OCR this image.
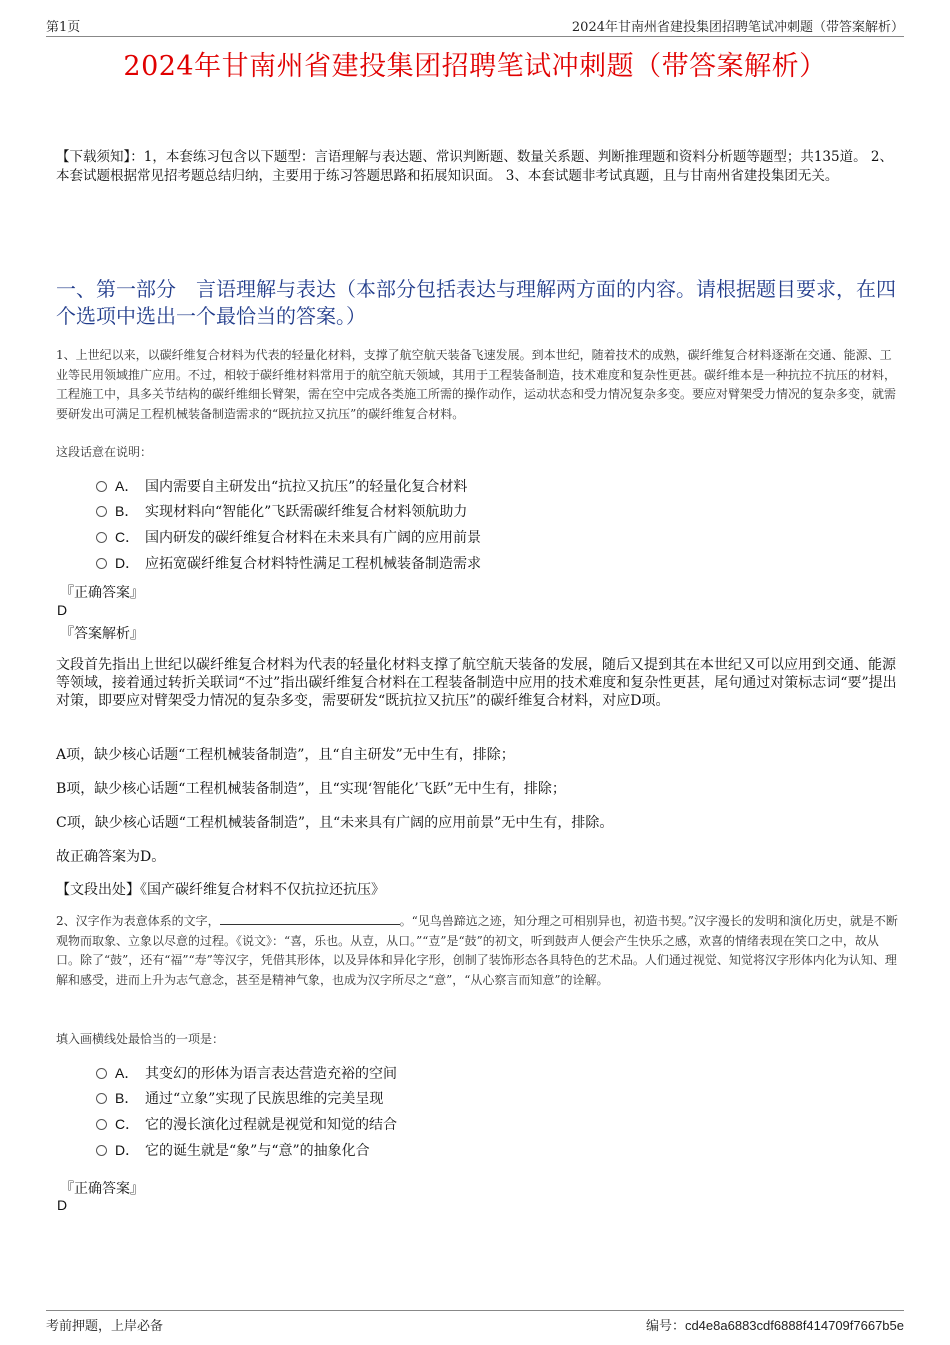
第1页	2024年甘南州省建投集团招聘笔试冲刺题（带答案解析）
2024年甘南州省建投集团招聘笔试冲刺题（带答案解析）
【下载须知】：1，本套练习包含以下题型：言语理解与表达题、常识判断题、数量关系题、判断推理题和资料分析题等题型；共135道。 2、本套试题根据常见招考题总结归纳，主要用于练习答题思路和拓展知识面。 3、本套试题非考试真题，且与甘南州省建投集团无关。
一、第一部分　言语理解与表达（本部分包括表达与理解两方面的内容。请根据题目要求，在四个选项中选出一个最恰当的答案。）
1、上世纪以来，以碳纤维复合材料为代表的轻量化材料，支撑了航空航天装备飞速发展。到本世纪，随着技术的成熟，碳纤维复合材料逐渐在交通、能源、工业等民用领域推广应用。不过，相较于碳纤维材料常用于的航空航天领域，其用于工程装备制造，技术难度和复杂性更甚。碳纤维本是一种抗拉不抗压的材料，工程施工中，具多关节结构的碳纤维细长臂架，需在空中完成各类施工所需的操作动作，运动状态和受力情况复杂多变。要应对臂架受力情况的复杂多变，就需要研发出可满足工程机械装备制造需求的“既抗拉又抗压”的碳纤维复合材料。
这段话意在说明：
A． 国内需要自主研发出“抗拉又抗压”的轻量化复合材料
B． 实现材料向“智能化”飞跃需碳纤维复合材料领航助力
C． 国内研发的碳纤维复合材料在未来具有广阔的应用前景
D． 应拓宽碳纤维复合材料特性满足工程机械装备制造需求
『正确答案』
D
『答案解析』
文段首先指出上世纪以碳纤维复合材料为代表的轻量化材料支撑了航空航天装备的发展，随后又提到其在本世纪又可以应用到交通、能源等领域，接着通过转折关联词“不过”指出碳纤维复合材料在工程装备制造中应用的技术难度和复杂性更甚，尾句通过对策标志词“要”提出对策，即要应对臂架受力情况的复杂多变，需要研发“既抗拉又抗压”的碳纤维复合材料，对应D项。
A项，缺少核心话题“工程机械装备制造”，且“自主研发”无中生有，排除；
B项，缺少核心话题“工程机械装备制造”，且“实现‘智能化’飞跃”无中生有，排除；
C项，缺少核心话题“工程机械装备制造”，且“未来具有广阔的应用前景”无中生有，排除。
故正确答案为D。
【文段出处】《国产碳纤维复合材料不仅抗拉还抗压》
2、汉字作为表意体系的文字，	。“见鸟兽蹄迒之迹，知分理之可相别异也，初造书契。”汉字漫长的发明和演化历史，就是不断观物而取象、立象以尽意的过程。《说文》：“喜，乐也。从壴，从口。”“壴”是“鼓”的初文，听到鼓声人便会产生快乐之感，欢喜的情绪表现在笑口之中，故从口。除了“鼓”，还有“福”“寿”等汉字，凭借其形体，以及异体和异化字形，创制了装饰形态各具特色的艺术品。人们通过视觉、知觉将汉字形体内化为认知、理解和感受，进而上升为志气意念，甚至是精神气象，也成为汉字所尽之“意”，“从心察言而知意”的诠解。
填入画横线处最恰当的一项是：
A． 其变幻的形体为语言表达营造充裕的空间
B． 通过“立象”实现了民族思维的完美呈现
C． 它的漫长演化过程就是视觉和知觉的结合
D． 它的诞生就是“象”与“意”的抽象化合
『正确答案』
D
考前押题，上岸必备	编号：cd4e8a6883cdf6888f414709f7667b5e
